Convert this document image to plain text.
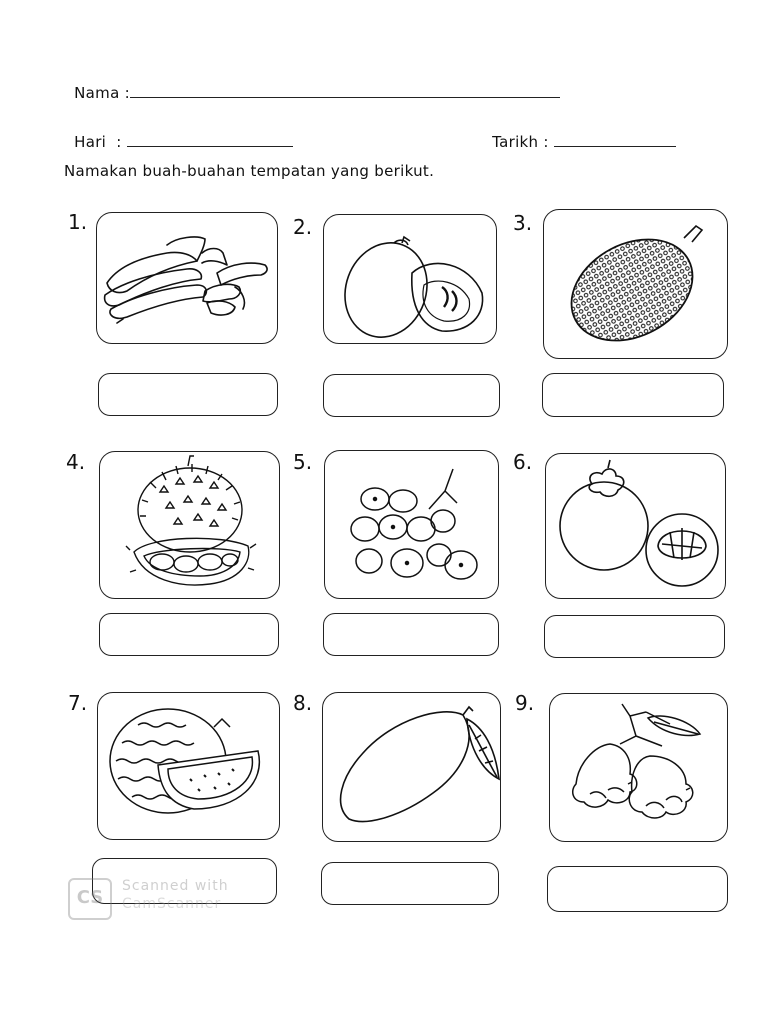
Nama :

Hari  :	Tarikh :

Namakan buah-buahan tempatan yang berikut.
1.	2.	3.
4.	5.	6.
7.	8.	9.
CS
Scanned with
CamScanner
